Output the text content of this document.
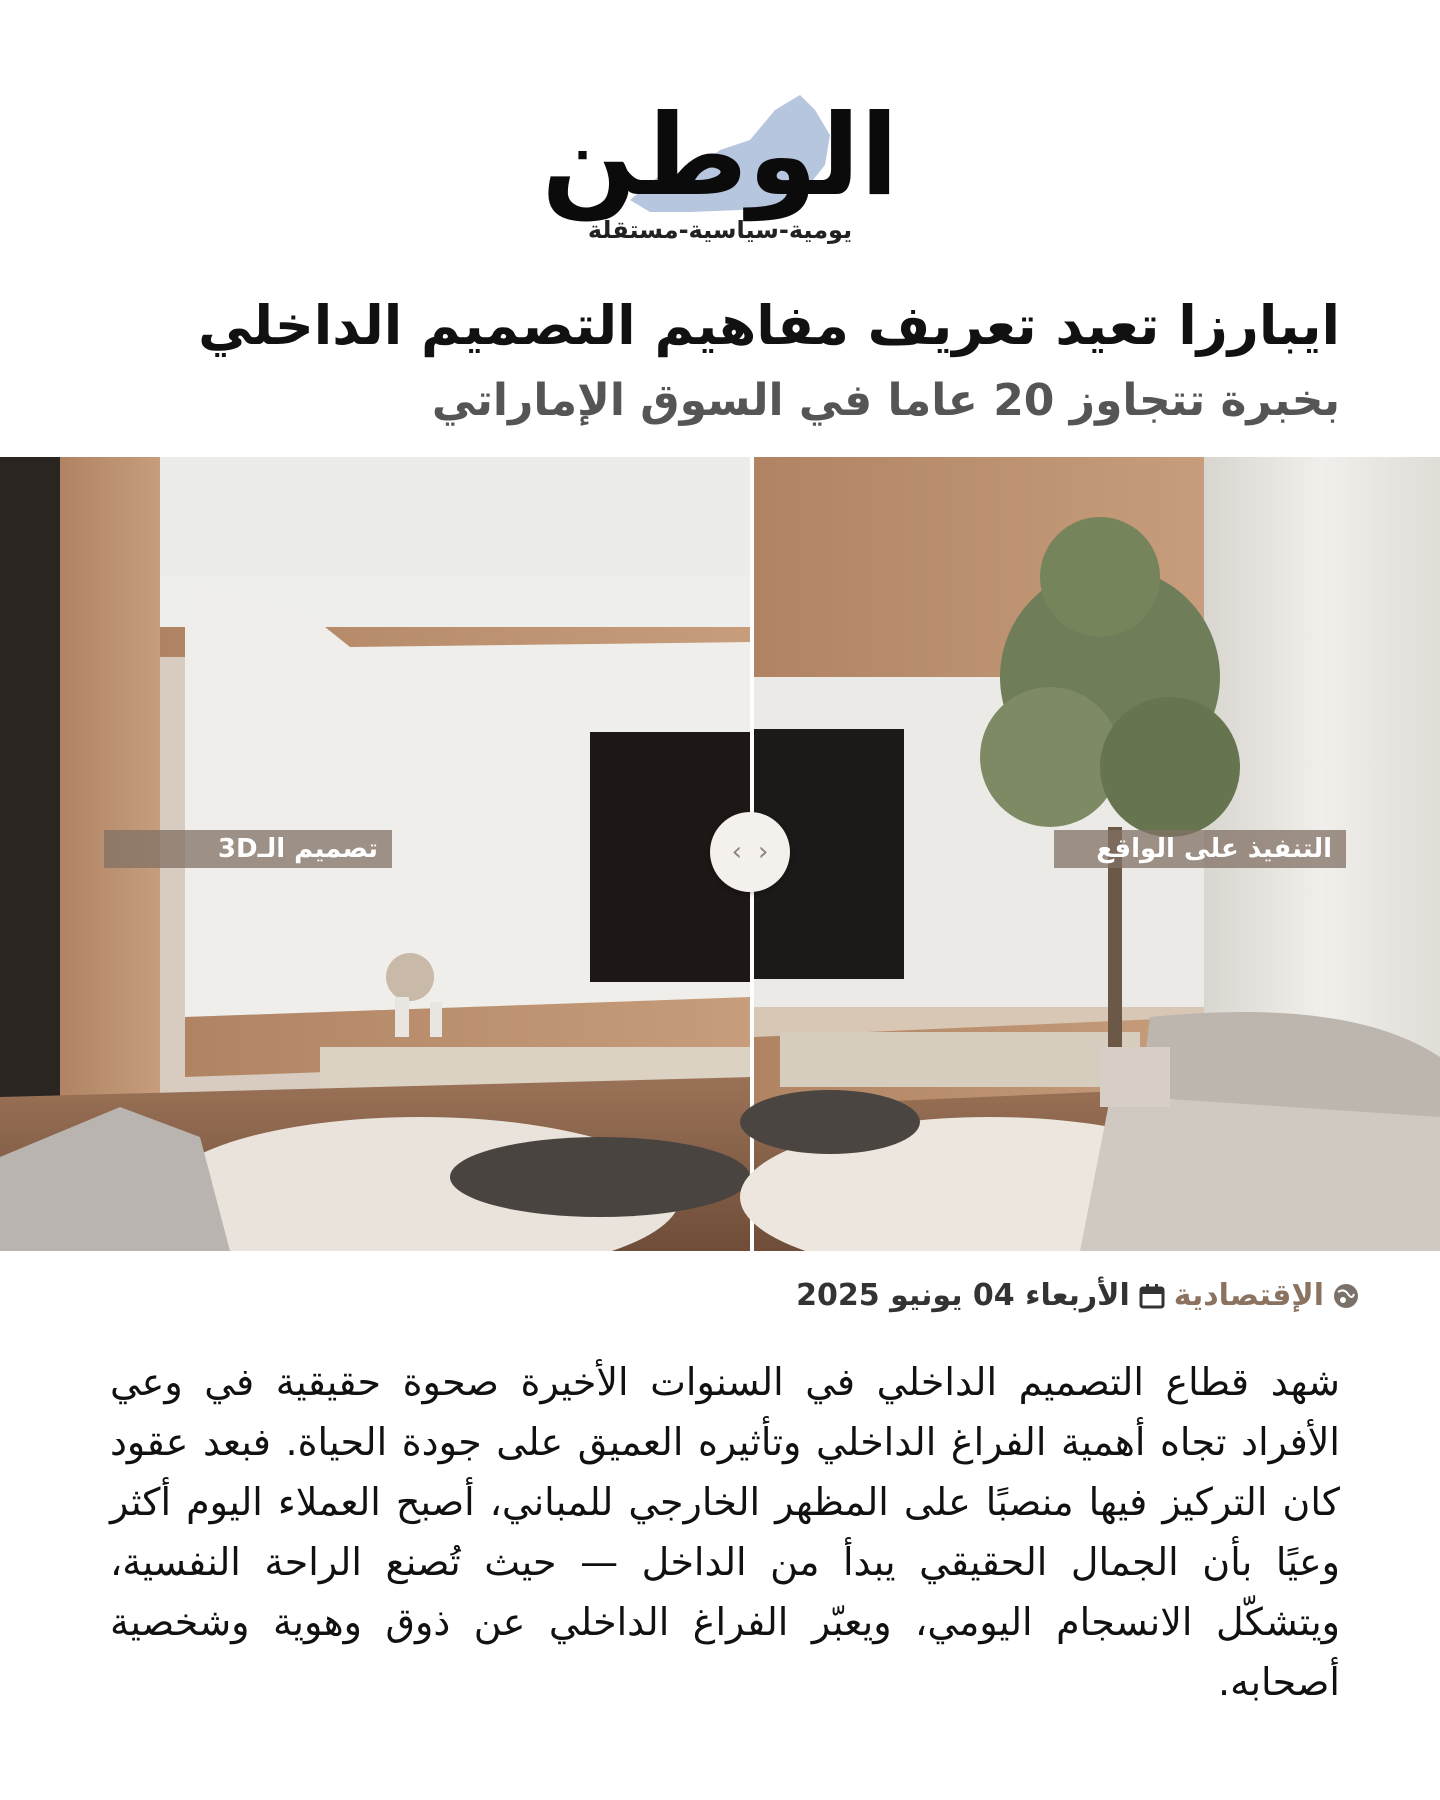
الوطن
يومية-سياسية-مستقلة
ايبارزا تعيد تعريف مفاهيم التصميم الداخلي
بخبرة تتجاوز 20 عاما في السوق الإماراتي
تصميم الـ3D	التنفيذ على الواقع
‹ ›
الإقتصادية
الأربعاء 04 يونيو 2025

شهد قطاع التصميم الداخلي في السنوات الأخيرة صحوة حقيقية في وعي الأفراد تجاه أهمية الفراغ الداخلي وتأثيره العميق على جودة الحياة. فبعد عقود كان التركيز فيها منصبًا على المظهر الخارجي للمباني، أصبح العملاء اليوم أكثر وعيًا بأن الجمال الحقيقي يبدأ من الداخل — حيث تُصنع الراحة النفسية، ويتشكّل الانسجام اليومي، ويعبّر الفراغ الداخلي عن ذوق وهوية وشخصية أصحابه.
